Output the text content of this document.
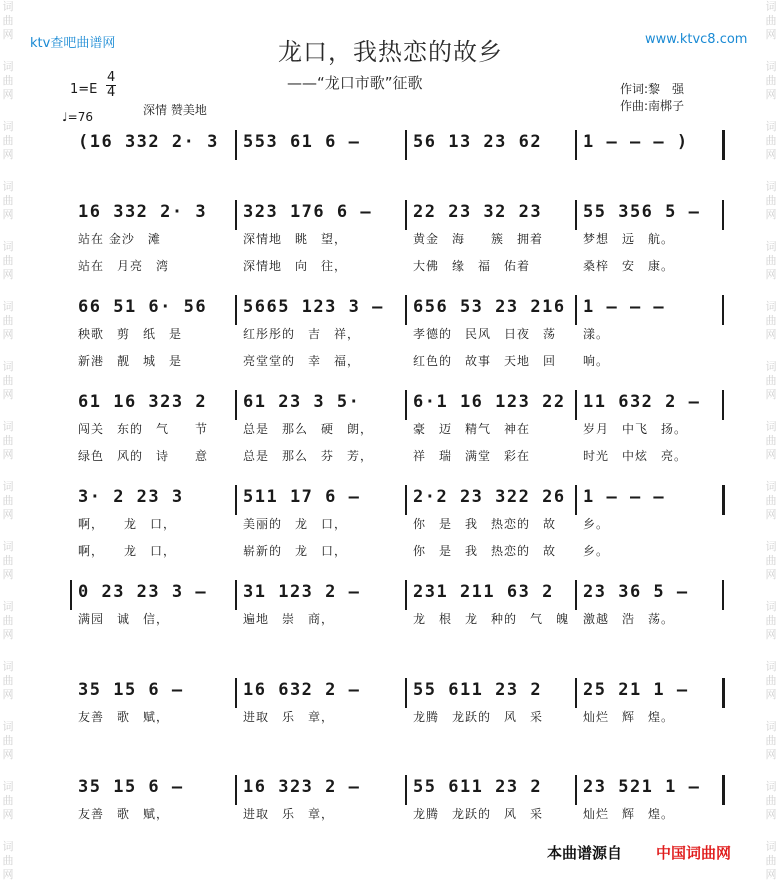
词
曲
网
词
曲
网
词
曲
网
词
曲
网
词
曲
网
词
曲
网
词
曲
网
词
曲
网
词
曲
网
词
曲
网
词
曲
网
词
曲
网
词
曲
网
词
曲
网
词
曲
网
词
曲
网
词
曲
网
词
曲
网
词
曲
网
词
曲
网
词
曲
网
词
曲
网
词
曲
网
词
曲
网
词
曲
网
词
曲
网
词
曲
网
词
曲
网
词
曲
网
词
曲
网
ktv查吧曲谱网	www.ktvc8.com
龙口，我热恋的故乡
——“龙口市歌”征歌
$1=E \frac{4}{4}$
深情 赞美地
♩=76
作词:黎　强
作曲:南梆子
(16 332 2· 3 553 61 6 –	56 13 23 62 1 – – – )
16 332 2· 3
站在 金沙　滩
站在　月亮　湾
323 176 6 –
深情地　眺　望，
深情地　向　往，
22 23 32 23
黄金　海　　簇　拥着
大佛　缘　福　佑着
55 356 5 –
梦想　远　航。
桑梓　安　康。
66 51 6· 56
秧歌　剪　纸　是
新港　靓　城　是
5665 123 3 –
红彤彤的　吉　祥，
亮堂堂的　幸　福，
656 53 23 216
孝德的　民风　日夜　荡
红色的　故事　天地　回
1 – – –
漾。
响。
61 16 323 2
闯关　东的　气　　节
绿色　风的　诗　　意
61 23 3 5·
总是　那么　硬　朗，
总是　那么　芬　芳，
6·1 16 123 22
豪　迈　精气　神在
祥　瑞　满堂　彩在
11 632 2 –
岁月　中飞　扬。
时光　中炫　亮。
3· 2 23 3
啊，　　龙　口，
啊，　　龙　口，
511 17 6 –
美丽的　龙　口，
崭新的　龙　口，
2·2 23 322 26
你　是　我　热恋的　故
你　是　我　热恋的　故
1 – – –
乡。
乡。
0 23 23 3 –
满园　诚　信，
31 123 2 –
遍地　崇　商，
231 211 63 2
龙　根　龙　种的　气　魄
23 36 5 –
激越　浩　荡。
35 15 6 –
友善　歌　赋，
16 632 2 –
进取　乐　章，
55 611 23 2
龙腾　龙跃的　风　采
25 21 1 –
灿烂　辉　煌。
35 15 6 –
友善　歌　赋，
16 323 2 –
进取　乐　章，
55 611 23 2
龙腾　龙跃的　风　采
23 521 1 –
灿烂　辉　煌。
本曲谱源自 中国词曲网
